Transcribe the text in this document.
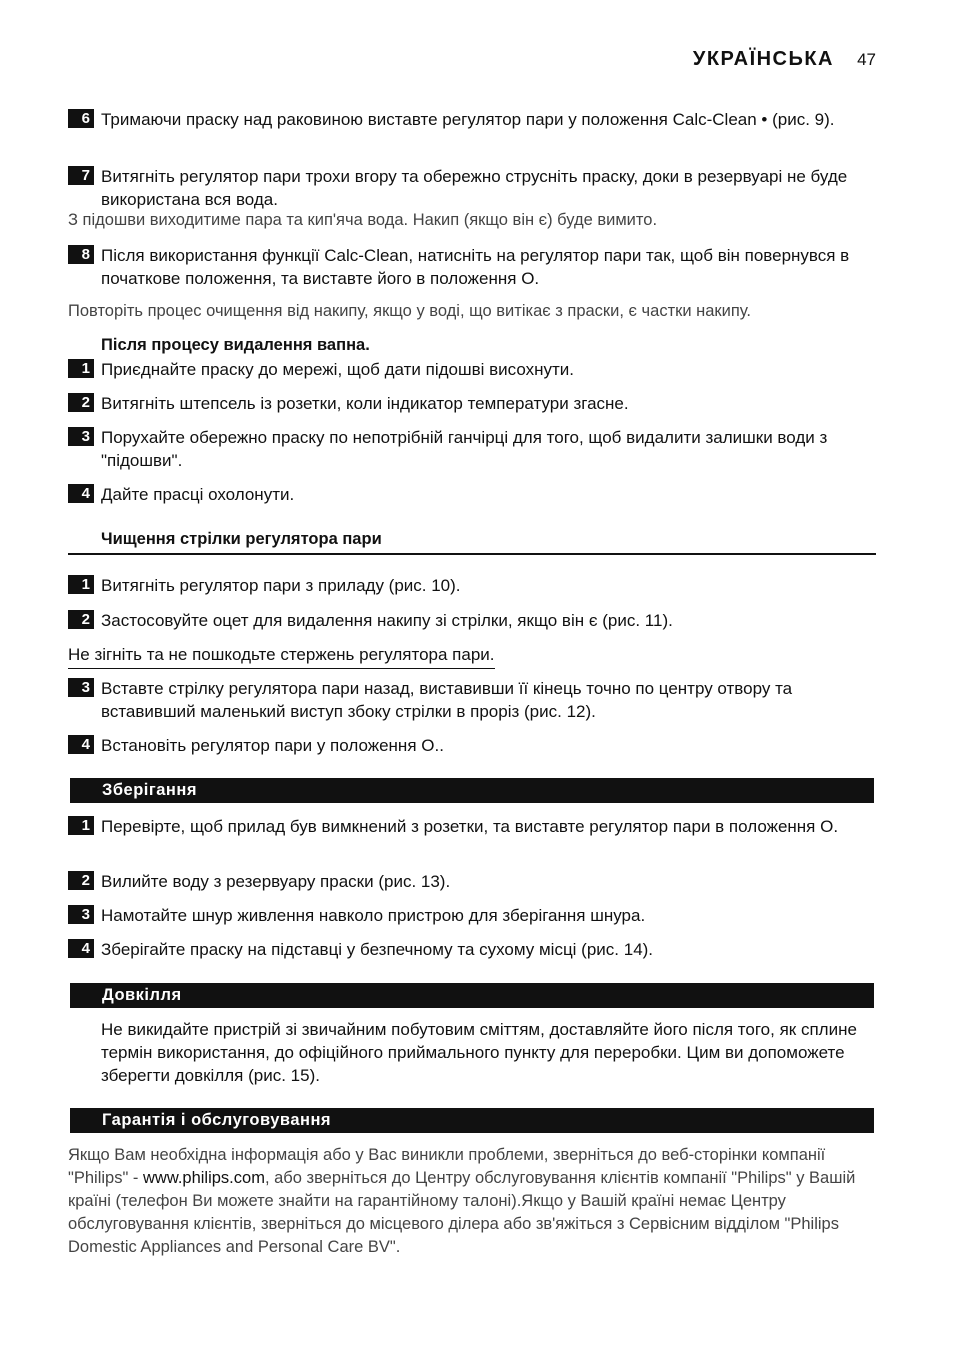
УКРАЇНСЬКА 47
6 Тримаючи праску над раковиною виставте регулятор пари у положення Calc-Clean • (рис. 9).
7 Витягніть регулятор пари трохи вгору та обережно струсніть праску, доки в резервуарі не буде використана вся вода.
З підошви виходитиме пара та кип'яча вода. Накип (якщо він є) буде вимито.
8 Після використання функції Calc-Clean, натисніть на регулятор пари так, щоб він повернувся в початкове положення, та виставте його в положення O.
Повторіть процес очищення від накипу, якщо у воді, що витікає з праски, є частки накипу.
Після процесу видалення вапна.
1 Приєднайте праску до мережі, щоб дати підошві висохнути.
2 Витягніть штепсель із розетки, коли індикатор температури згасне.
3 Поруxайте обережно праску по непотрібній ганчірці для того, щоб видалити залишки води з "підошви".
4 Дайте прасці охолонути.
Чищення стрілки регулятора пари
1 Витягніть регулятор пари з приладу (рис. 10).
2 Застосовуйте оцет для видалення накипу зі стрілки, якщо він є (рис. 11).
Не зігніть та не пошкодьте стержень регулятора пари.
3 Вставте стрілку регулятора пари назад, виставивши її кінець точно по центру отвору та вставивший маленький виступ збоку стрілки в проріз (рис. 12).
4 Встановіть регулятор пари у положення O..
Зберігання
1 Перевірте, щоб прилад був вимкнений з розетки, та виставте регулятор пари в положення O.
2 Вилийте воду з резервуару праски (рис. 13).
3 Намотайте шнур живлення навколо пристрою для зберігання шнура.
4 Зберігайте праску на підставці у безпечному та сухому місці (рис. 14).
Довкілля
Не викидайте пристрій зі звичайним побутовим сміттям, доставляйте його після того, як сплине термін використання, до офіційного приймального пункту для переробки. Цим ви допоможете зберегти довкілля (рис. 15).
Гарантія і обслуговування
Якщо Вам необхідна інформація або у Вас виникли проблеми, зверніться до веб-сторінки компанії "Philips" - www.philips.com, або зверніться до Центру обслуговування клієнтів компанії "Philips" у Вашій країні (телефон Ви можете знайти на гарантійному талоні).Якщо у Вашій країні немає Центру обслуговування клієнтів, зверніться до місцевого ділера або зв'яжіться з Сервісним відділом "Philips Domestic Appliances and Personal Care BV".
